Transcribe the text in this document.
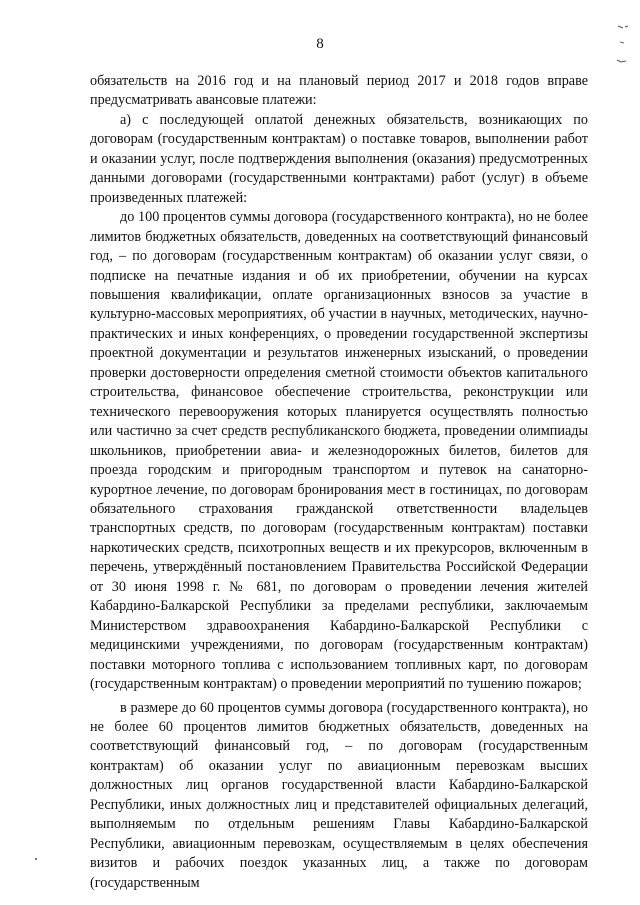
8

обязательств на 2016 год и на плановый период 2017 и 2018 годов вправе предусматривать авансовые платежи:

а) с последующей оплатой денежных обязательств, возникающих по договорам (государственным контрактам) о поставке товаров, выполнении работ и оказании услуг, после подтверждения выполнения (оказания) предусмотренных данными договорами (государственными контрактами) работ (услуг) в объеме произведенных платежей:

до 100 процентов суммы договора (государственного контракта), но не более лимитов бюджетных обязательств, доведенных на соответствующий финансовый год, – по договорам (государственным контрактам) об оказании услуг связи, о подписке на печатные издания и об их приобретении, обучении на курсах повышения квалификации, оплате организационных взносов за участие в культурно-массовых мероприятиях, об участии в научных, методических, научно-практических и иных конференциях, о проведении государственной экспертизы проектной документации и результатов инженерных изысканий, о проведении проверки достоверности определения сметной стоимости объектов капитального строительства, финансовое обеспечение строительства, реконструкции или технического перевооружения которых планируется осуществлять полностью или частично за счет средств республиканского бюджета, проведении олимпиады школьников, приобретении авиа- и железнодорожных билетов, билетов для проезда городским и пригородным транспортом и путевок на санаторно-курортное лечение, по договорам бронирования мест в гостиницах, по договорам обязательного страхования гражданской ответственности владельцев транспортных средств, по договорам (государственным контрактам) поставки наркотических средств, психотропных веществ и их прекурсоров, включенным в перечень, утверждённый постановлением Правительства Российской Федерации от 30 июня 1998 г. № 681, по договорам о проведении лечения жителей Кабардино-Балкарской Республики за пределами республики, заключаемым Министерством здравоохранения Кабардино-Балкарской Республики с медицинскими учреждениями, по договорам (государственным контрактам) поставки моторного топлива с использованием топливных карт, по договорам (государственным контрактам) о проведении мероприятий по тушению пожаров;

в размере до 60 процентов суммы договора (государственного контракта), но не более 60 процентов лимитов бюджетных обязательств, доведенных на соответствующий финансовый год, – по договорам (государственным контрактам) об оказании услуг по авиационным перевозкам высших должностных лиц органов государственной власти Кабардино-Балкарской Республики, иных должностных лиц и представителей официальных делегаций, выполняемым по отдельным решениям Главы Кабардино-Балкарской Республики, авиационным перевозкам, осуществляемым в целях обеспечения визитов и рабочих поездок указанных лиц, а также по договорам (государственным
